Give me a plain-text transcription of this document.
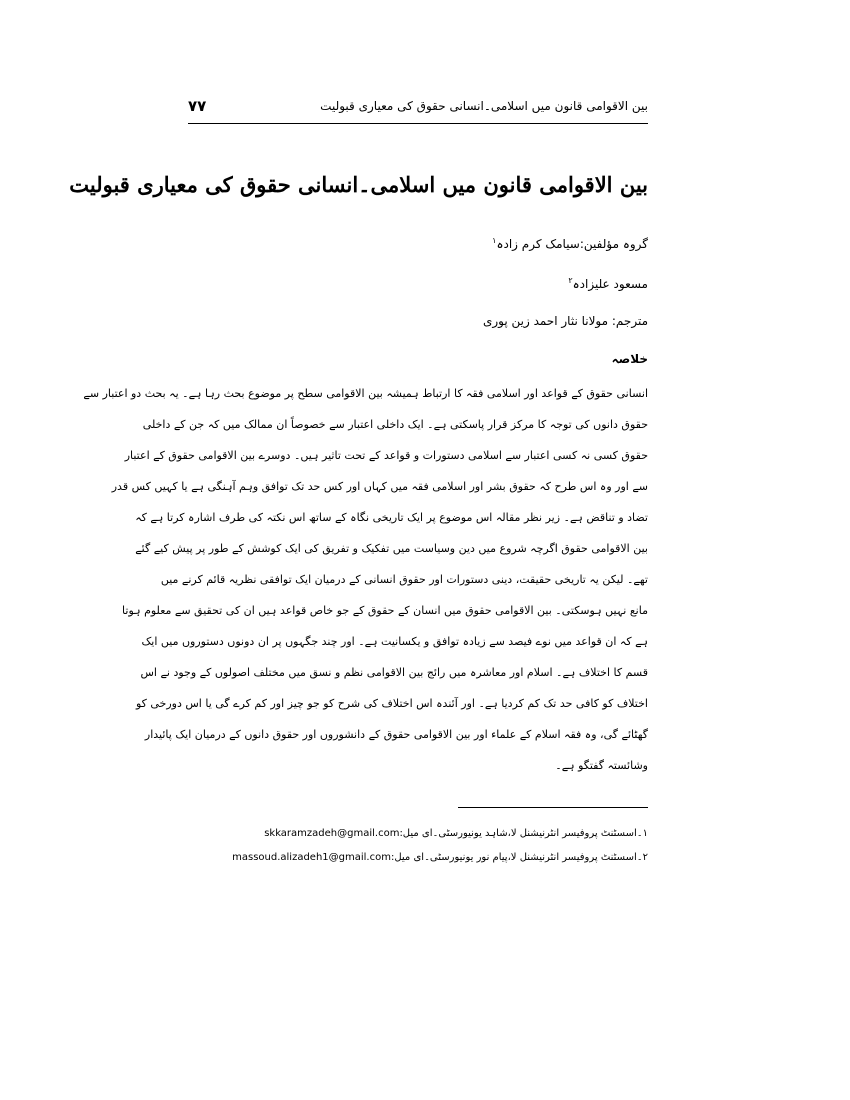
بین الاقوامی قانون میں اسلامی۔انسانی حقوق کی معیاری قبولیت
۷۷
بین الاقوامی قانون میں اسلامی۔انسانی حقوق کی معیاری قبولیت
گروہ مؤلفین:سیامک کرم زادہ$^۱$
مسعود علیزادہ$^۲$
مترجم: مولانا نثار احمد زین پوری
خلاصہ
انسانی حقوق کے قواعد اور اسلامی فقہ کا ارتباط ہمیشہ بین الاقوامی سطح پر موضوع بحث رہا ہے۔ یہ بحث دو اعتبار سے
حقوق دانوں کی توجہ کا مرکز قرار پاسکتی ہے۔ ایک داخلی اعتبار سے خصوصاً ان ممالک میں کہ جن کے داخلی
حقوق کسی نہ کسی اعتبار سے اسلامی دستورات و قواعد کے تحت تاثیر ہیں۔ دوسرے بین الاقوامی حقوق کے اعتبار
سے اور وہ اس طرح کہ حقوق بشر اور اسلامی فقہ میں کہاں اور کس حد تک توافق وہم آہنگی ہے یا کہیں کس قدر
تضاد و تناقض ہے۔ زیر نظر مقالہ اس موضوع پر ایک تاریخی نگاہ کے ساتھ اس نکتہ کی طرف اشارہ کرتا ہے کہ
بین الاقوامی حقوق اگرچہ شروع میں دین وسیاست میں تفکیک و تفریق کی ایک کوشش کے طور پر پیش کیے گئے
تھے۔ لیکن یہ تاریخی حقیقت، دینی دستورات اور حقوق انسانی کے درمیان ایک توافقی نظریہ قائم کرنے میں
مانع نہیں ہوسکتی۔ بین الاقوامی حقوق میں انسان کے حقوق کے جو خاص قواعد ہیں ان کی تحقیق سے معلوم ہوتا
ہے کہ ان قواعد میں نوے فیصد سے زیادہ توافق و یکسانیت ہے۔ اور چند جگہوں پر ان دونوں دستوروں میں ایک
قسم کا اختلاف ہے۔ اسلام اور معاشرہ میں رائج بین الاقوامی نظم و نسق میں مختلف اصولوں کے وجود نے اس
اختلاف کو کافی حد تک کم کردیا ہے۔ اور آئندہ اس اختلاف کی شرح کو جو چیز اور کم کرے گی یا اس دورخی کو
گھٹائے گی، وہ فقہ اسلام کے علماء اور بین الاقوامی حقوق کے دانشوروں اور حقوق دانوں کے درمیان ایک پائیدار
وشائستہ گفتگو ہے۔
۱۔اسسٹنٹ پروفیسر انٹرنیشنل لا،شاہد یونیورسٹی۔ای میل:skkaramzadeh@gmail.com
۲۔اسسٹنٹ پروفیسر انٹرنیشنل لا،پیام نور یونیورسٹی۔ای میل:massoud.alizadeh1@gmail.com
